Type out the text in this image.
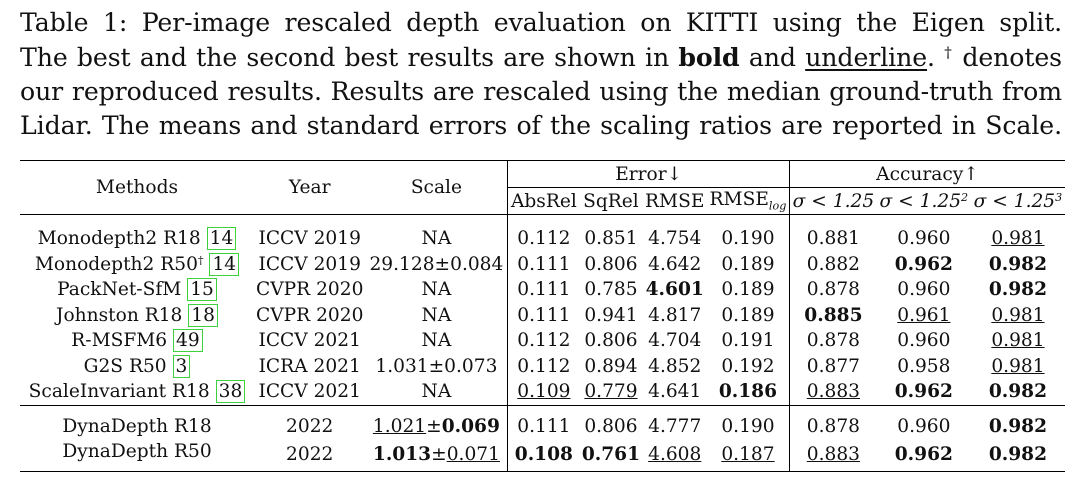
Table 1: Per-image rescaled depth evaluation on KITTI using the Eigen split.
The best and the second best results are shown in bold and underline. † denotes
our reproduced results. Results are rescaled using the median ground-truth from
Lidar. The means and standard errors of the scaling ratios are reported in Scale.
Methods	Year	Scale	Error↓				Accuracy↑		
			AbsRel	SqRel	RMSE	$RMSE_{log}$	σ < 1.25	$\sigma < 1.25^2$	$\sigma < 1.25^3$
Monodepth2 R18 14	ICCV 2019	NA	0.112	0.851	4.754	0.190	0.881	0.960	0.981
Monodepth2 R50† 14	ICCV 2019	29.128±0.084	0.111	0.806	4.642	0.189	0.882	0.962	0.982
PackNet-SfM 15	CVPR 2020	NA	0.111	0.785	4.601	0.189	0.878	0.960	0.982
Johnston R18 18	CVPR 2020	NA	0.111	0.941	4.817	0.189	0.885	0.961	0.981
R-MSFM6 49	ICCV 2021	NA	0.112	0.806	4.704	0.191	0.878	0.960	0.981
G2S R50 3	ICRA 2021	1.031±0.073	0.112	0.894	4.852	0.192	0.877	0.958	0.981
ScaleInvariant R18 38	ICCV 2021	NA	0.109	0.779	4.641	0.186	0.883	0.962	0.982
DynaDepth R18	2022	1.021±0.069	0.111	0.806	4.777	0.190	0.878	0.960	0.982
DynaDepth R50	2022	1.013±0.071	0.108	0.761	4.608	0.187	0.883	0.962	0.982
